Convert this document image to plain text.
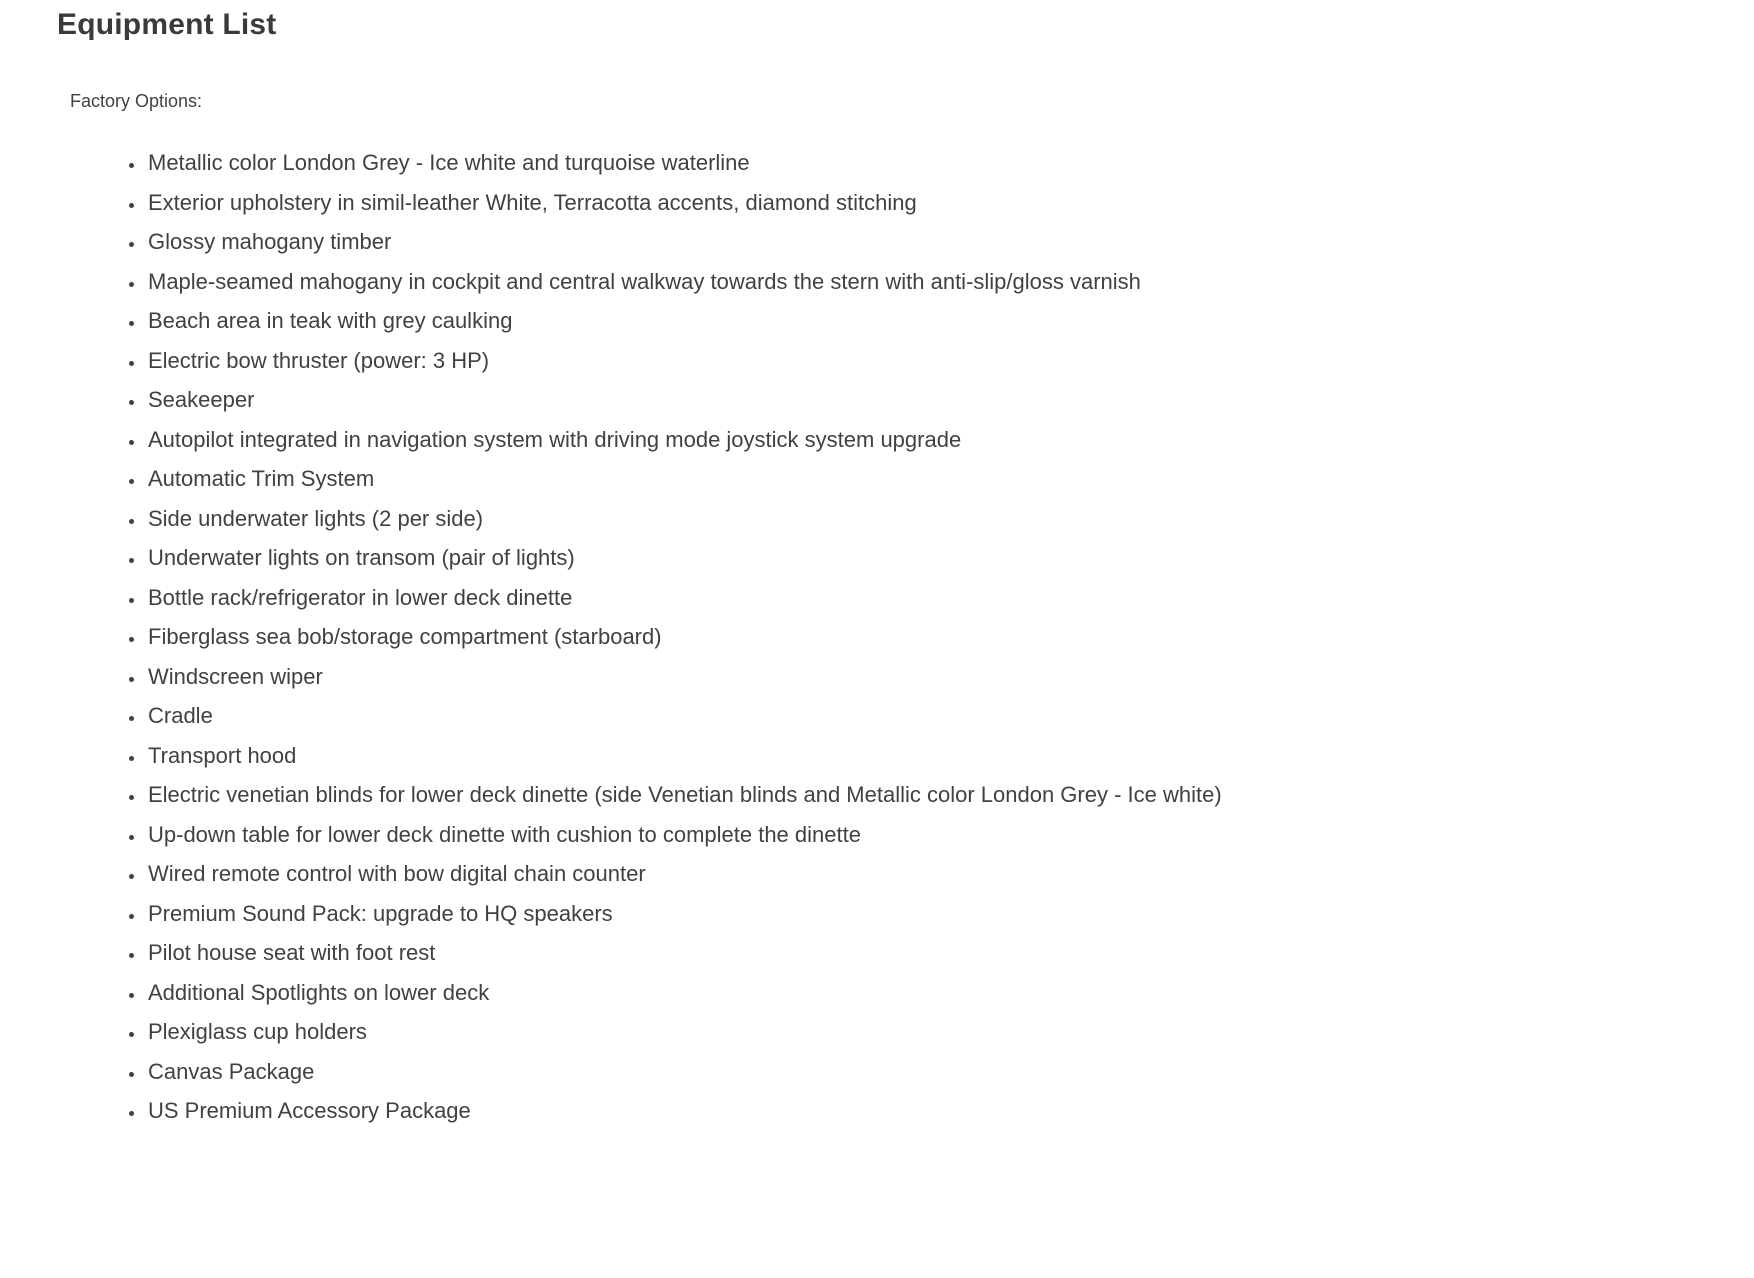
Equipment List

Factory Options:

• Metallic color London Grey - Ice white and turquoise waterline
• Exterior upholstery in simil-leather White, Terracotta accents, diamond stitching
• Glossy mahogany timber
• Maple-seamed mahogany in cockpit and central walkway towards the stern with anti-slip/gloss varnish
• Beach area in teak with grey caulking
• Electric bow thruster (power: 3 HP)
• Seakeeper
• Autopilot integrated in navigation system with driving mode joystick system upgrade
• Automatic Trim System
• Side underwater lights (2 per side)
• Underwater lights on transom (pair of lights)
• Bottle rack/refrigerator in lower deck dinette
• Fiberglass sea bob/storage compartment (starboard)
• Windscreen wiper
• Cradle
• Transport hood
• Electric venetian blinds for lower deck dinette (side Venetian blinds and Metallic color London Grey - Ice white)
• Up-down table for lower deck dinette with cushion to complete the dinette
• Wired remote control with bow digital chain counter
• Premium Sound Pack: upgrade to HQ speakers
• Pilot house seat with foot rest
• Additional Spotlights on lower deck
• Plexiglass cup holders
• Canvas Package
• US Premium Accessory Package
